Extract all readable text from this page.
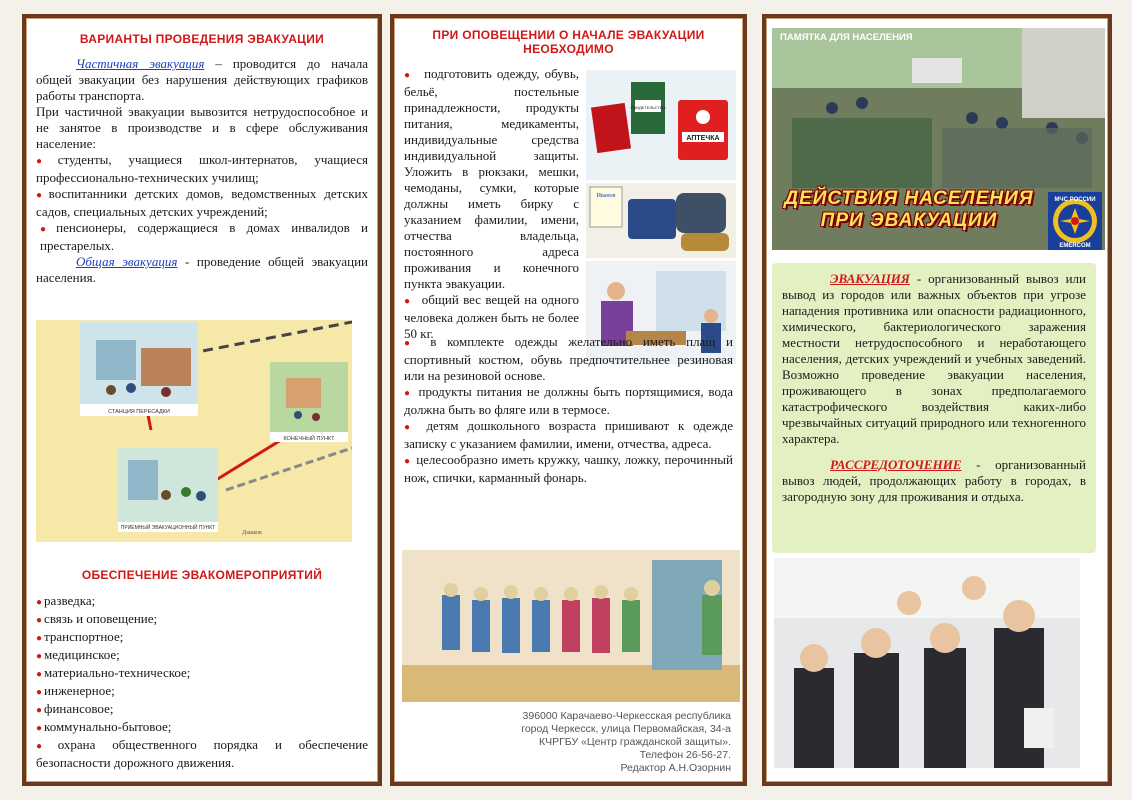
ВАРИАНТЫ ПРОВЕДЕНИЯ ЭВАКУАЦИИ
Частичная эвакуация – проводится до начала общей эвакуации без нарушения действующих графиков работы транспорта.
При частичной эвакуации вывозится нетрудоспособное и не занятое в производстве и в сфере обслуживания население:
● студенты, учащиеся школ-интернатов, учащиеся профессионально-технических училищ;
● воспитанники детских домов, ведомственных детских садов, специальных детских учреждений;
● пенсионеры, содержащиеся в домах инвалидов и престарелых.
Общая эвакуация - проведение общей эвакуации населения.
СТАНЦИЯ ПЕРЕСАДКИ
КОНЕЧНЫЙ ПУНКТ
ПРИЕМНЫЙ ЭВАКУАЦИОННЫЙ ПУНКТ
Дашков
ОБЕСПЕЧЕНИЕ ЭВАКОМЕРОПРИЯТИЙ
● разведка;
● связь и оповещение;
● транспортное;
● медицинское;
● материально-техническое;
● инженерное;
● финансовое;
● коммунально-бытовое;
● охрана общественного порядка и обеспечение безопасности дорожного движения.
ПРИ ОПОВЕЩЕНИИ О НАЧАЛЕ ЭВАКУАЦИИ НЕОБХОДИМО
● подготовить одежду, обувь, бельё, постельные принадлежности, продукты питания, медикаменты, индивидуальные средства индивидуальной защиты. Уложить в рюкзаки, мешки, чемоданы, сумки, которые должны иметь бирку с указанием фамилии, имени, отчества владельца, постоянного адреса проживания и конечного пункта эвакуации.
● общий вес вещей на одного человека должен быть не более 50 кг.
СВИДЕТЕЛЬСТВО
АПТЕЧКА
Иванов
● в комплекте одежды желательно иметь плащ и спортивный костюм, обувь предпочтительнее резиновая или на резиновой основе.
● продукты питания не должны быть портящимися, вода должна быть во фляге или в термосе.
● детям дошкольного возраста пришивают к одежде записку с указанием фамилии, имени, отчества, адреса.
● целесообразно иметь кружку, чашку, ложку, перочинный нож, спички, карманный фонарь.
396000 Карачаево-Черкесская республика
город Черкесск, улица Первомайская, 34-а
КЧРГБУ «Центр гражданской защиты».
Телефон 26-56-27.
Редактор А.Н.Озорнин
ПАМЯТКА ДЛЯ НАСЕЛЕНИЯ
ДЕЙСТВИЯ НАСЕЛЕНИЯ
ПРИ ЭВАКУАЦИИ
МЧС РОССИИ
EMERCOM

ЭВАКУАЦИЯ - организованный вывоз или вывод из городов или важных объектов при угрозе нападения противника или опасности радиационного, химического, бактериологического заражения местности нетрудоспособного и неработающего населения, детских учреждений и учебных заведений. Возможно проведение эвакуации населения, проживающего в зонах предполагаемого катастрофического воздействия каких-либо чрезвычайных ситуаций природного или техногенного характера.

РАССРЕДОТОЧЕНИЕ - организованный вывоз людей, продолжающих работу в городах, в загородную зону для проживания и отдыха.
